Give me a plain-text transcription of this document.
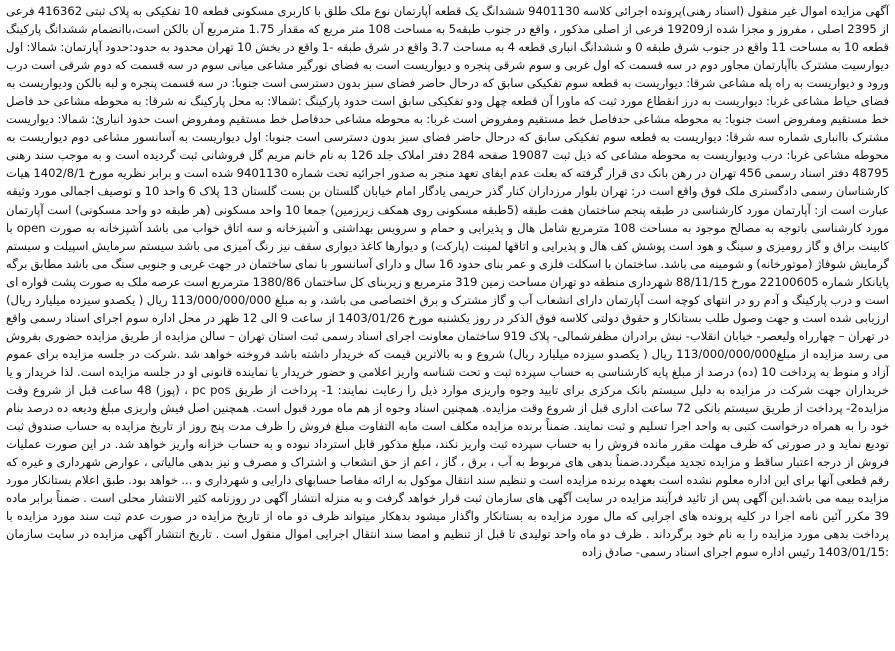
آگهی مزایده اموال غیر منقول (اسناد رهنی)پرونده اجرائی کلاسه 9401130 ششدانگ یک قطعه آپارتمان نوع ملک طلق با کاربری مسکونی قطعه 10 تفکیکی به پلاک ثبتی 416362 فرعی از 2395 اصلی ، مفروز و مجزا شده از19209 فرعی از اصلی مذکور ، واقع در جنوب طبقه5 به مساحت 108 متر مربع که مقدار 1.75 مترمربع آن بالکن است،باانضمام ششدانگ پارکینگ قطعه 10 به مساحت 11 واقع در جنوب شرق طبقه 0 و ششدانگ انباری قطعه 4 به مساحت 3.7 واقع در شرق طبقه -1 واقع در بخش 10 تهران محدود به حدود:حدود آپارتمان: شمالا: اول دیوارسیت مشترک باآپارتمان مجاور دوم در سه قسمت که اول غربی و سوم شرقی پنجره و دیواریست است به فضای نورگیر مشاعی میانی سوم در سه قسمت که دوم شرقی است درب ورود و دیواریست به راه پله مشاعی شرقا: دیواریست به قطعه سوم تفکیکی سابق که درحال حاضر فضای سبز بدون دسترسی است جنوبا: در سه قسمت پنجره و لبه بالکن ودیواریست به فضای حیاط مشاعی غربا: دیواریست به درز انقطاع مورد ثبت که ماورا آن قطعه چهل ودو تفکیکی سابق است حدود پارکینگ :شمالا: به محل پارکینگ نه شرقا: به محوطه مشاعی حد فاصل خط مستقیم ومفروض است جنوبا: به محوطه مشاعی حدفاصل خط مستقیم ومفروض است غربا: به محوطه مشاعی حدفاصل خط مستقیم ومفروض است حدود انبارئ: شمالا: دیواریست مشترک باانباری شماره سه شرقا: دیواریست به قطعه سوم تفکیکی سابق که درحال حاضر فضای سبز بدون دسترسی است جنوبا: اول دیواریست به آسانسور مشاعی دوم دیواریست به محوطه مشاعی غربا: درب ودیواریست به محوطه مشاعی که ذیل ثبت 19087 صفحه 284 دفتر املاک جلد 126 به نام خانم مریم گل فروشانی ثبت گردیده است و به موجب سند رهنی 48795 دفتر اسناد رسمی 456 تهران در رهن بانک دی قرار گرفته که بعلت عدم ایفای تعهد منجر به صدور اجرائیه تحت شماره 9401130 شده است و برابر نظریه مورخ 1402/8/1 هیات کارشناسان رسمی دادگستری ملک فوق واقع است در: تهران بلوار مرزداران کنار گذر حریمی یادگار امام خیابان گلستان بن بست گلستان 13 پلاک 6 واحد 10 و توصیف اجمالی مورد وثیقه عبارت است از: آپارتمان مورد کارشناسی در طبقه پنجم ساختمان هفت طبقه (5طبقه مسکونی روی همکف زیرزمین) جمعا 10 واحد مسکونی (هر طبقه دو واحد مسکونی) است آپارتمان مورد کارشناسی باتوجه به مصالح موجود به مساحت 108 مترمربع شامل هال و پذیرایی و حمام و سرویس بهداشتی و آشپزخانه و سه اتاق خواب می باشد آشپزخانه به صورت open با کابینت براق و گاز رومیزی و سینگ و هود است پوشش کف هال و پذیرایی و اتاقها لمینت (پارکت) و دیوارها کاغذ دیواری سقف نیز رنگ آمیزی می باشد سیستم سرمایش اسپیلت و سیستم گرمایش شوفاژ (موتورخانه) و شومینه می باشد. ساختمان با اسکلت فلزی و عمر بنای حدود 16 سال و دارای آسانسور با نمای ساختمان در جهت غربی و جنوبی سنگ می باشد مطابق برگه پایانکار شماره 22100605 مورخ 88/11/15 شهرداری منطقه دو تهران مساحت زمین 319 مترمربع و زیربنای کل ساختمان 1380/86 مترمربع است عرصه ملک به صورت پشت قواره ای است و درب پارکینگ و آدم رو در انتهای کوچه است آپارتمان دارای انشعاب آب و گاز مشترک و برق اختصاصی می باشد، و به مبلغ 113/000/000/000 ریال ( یکصدو سیزده میلیارد ریال) ارزیابی شده است و جهت وصول طلب بستانکار و حقوق دولتی کلاسه فوق الذکر در روز یکشنبه مورخ 1403/01/26 از ساعت 9 الی 12 ظهر در محل اداره سوم اجرای اسناد رسمی واقع در تهران – چهارراه ولیعصر- خیابان انقلاب- نبش برادران مظفرشمالی- پلاک 919 ساختمان معاونت اجرای اسناد رسمی ثبت استان تهران – سالن مزایده از طریق مزایده حضوری بفروش می رسد مزایده از مبلغ113/000/000/000 ریال ( یکصدو سیزده میلیارد ریال) شروع و به بالاترین قیمت که خریدار داشته باشد فروخته خواهد شد .شرکت در جلسه مزایده برای عموم آزاد و منوط به پرداخت 10 (ده) درصد از مبلغ پایه کارشناسی به حساب سپرده ثبت و تحت شناسه واریز اعلامی و حضور خریدار یا نماینده قانونی او در جلسه مزایده است. لذا خریدار و یا خریداران جهت شرکت در مزایده به دلیل سیستم بانک مرکزی برای تایید وجوه واریزی موارد ذیل را رعایت نمایند: 1- پرداخت از طریق pc pos ، (پوز) 48 ساعت قبل از شروع وقت مزایده2- پرداخت از طریق سیستم بانکی 72 ساعت اداری قبل از شروع وقت مزایده. همچنین اسناد وجوه از هم ماه مورد قبول است. همچنین اصل فیش واریزی مبلغ ودیعه ده درصد بنام خود را به همراه درخواست کتبی به واحد اجرا تسلیم و ثبت نمایند. ضمناً برنده مزایده مکلف است مابه التفاوت مبلغ فروش را ظرف مدت پنج روز از تاریخ مزایده به حساب صندوق ثبت تودیع نماید و در صورتی که ظرف مهلت مقرر مانده فروش را به حساب سپرده ثبت واریز نکند، مبلغ مذکور قابل استرداد نبوده و به حساب خزانه واریز خواهد شد. در این صورت عملیات فروش از درجه اعتبار ساقط و مزایده تجدید میگردد.ضمناً بدهی های مربوط به آب ، برق ، گاز ، اعم از حق انشعاب و اشتراک و مصرف و نیز بدهی مالیاتی ، عوارض شهرداری و غیره که رقم قطعی آنها برای این اداره معلوم نشده است بعهده برنده مزایده است و تنظیم سند انتقال موکول به ارائه مفاصا حسابهای دارایی و شهرداری و ... خواهد بود. طبق اعلام بستانکار مورد مزایده بیمه می باشد.این آگهی پس از تائید فرآیند مزایده در سایت آگهی های سازمان ثبت قرار خواهد گرفت و به منزله انتشار آگهی در روزنامه کثیر الانتشار محلی است . ضمناً برابر ماده 39 مکرر آئین نامه اجرا در کلیه پرونده های اجرایی که مال مورد مزایده به بستانکار واگذار میشود بدهکار میتواند ظرف دو ماه از تاریخ مزایده در صورت عدم ثبت سند مورد مزایده با پرداخت بدهی مورد مزایده را به نام خود برگرداند . ظرف دو ماه واحد تولیدی تا قبل از تنظیم و امضا سند انتقال اجرایی اموال منقول است . تاریخ انتشار آگهی مزایده در سایت سازمان :1403/01/15 رئیس اداره سوم اجرای اسناد رسمی- صادق زاده
